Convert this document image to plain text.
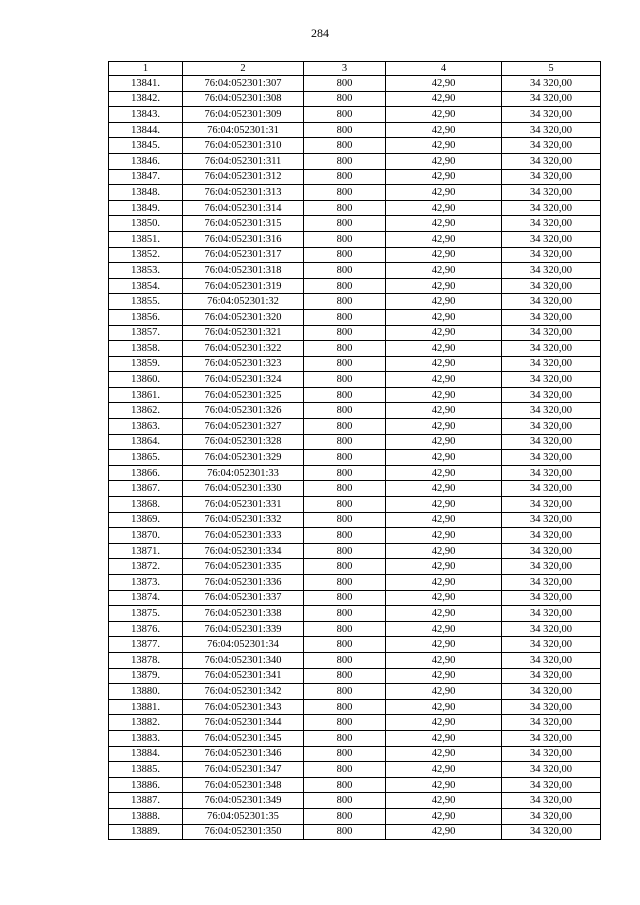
284
1	2	3	4	5
13841.	76:04:052301:307	800	42,90	34 320,00
13842.	76:04:052301:308	800	42,90	34 320,00
13843.	76:04:052301:309	800	42,90	34 320,00
13844.	76:04:052301:31	800	42,90	34 320,00
13845.	76:04:052301:310	800	42,90	34 320,00
13846.	76:04:052301:311	800	42,90	34 320,00
13847.	76:04:052301:312	800	42,90	34 320,00
13848.	76:04:052301:313	800	42,90	34 320,00
13849.	76:04:052301:314	800	42,90	34 320,00
13850.	76:04:052301:315	800	42,90	34 320,00
13851.	76:04:052301:316	800	42,90	34 320,00
13852.	76:04:052301:317	800	42,90	34 320,00
13853.	76:04:052301:318	800	42,90	34 320,00
13854.	76:04:052301:319	800	42,90	34 320,00
13855.	76:04:052301:32	800	42,90	34 320,00
13856.	76:04:052301:320	800	42,90	34 320,00
13857.	76:04:052301:321	800	42,90	34 320,00
13858.	76:04:052301:322	800	42,90	34 320,00
13859.	76:04:052301:323	800	42,90	34 320,00
13860.	76:04:052301:324	800	42,90	34 320,00
13861.	76:04:052301:325	800	42,90	34 320,00
13862.	76:04:052301:326	800	42,90	34 320,00
13863.	76:04:052301:327	800	42,90	34 320,00
13864.	76:04:052301:328	800	42,90	34 320,00
13865.	76:04:052301:329	800	42,90	34 320,00
13866.	76:04:052301:33	800	42,90	34 320,00
13867.	76:04:052301:330	800	42,90	34 320,00
13868.	76:04:052301:331	800	42,90	34 320,00
13869.	76:04:052301:332	800	42,90	34 320,00
13870.	76:04:052301:333	800	42,90	34 320,00
13871.	76:04:052301:334	800	42,90	34 320,00
13872.	76:04:052301:335	800	42,90	34 320,00
13873.	76:04:052301:336	800	42,90	34 320,00
13874.	76:04:052301:337	800	42,90	34 320,00
13875.	76:04:052301:338	800	42,90	34 320,00
13876.	76:04:052301:339	800	42,90	34 320,00
13877.	76:04:052301:34	800	42,90	34 320,00
13878.	76:04:052301:340	800	42,90	34 320,00
13879.	76:04:052301:341	800	42,90	34 320,00
13880.	76:04:052301:342	800	42,90	34 320,00
13881.	76:04:052301:343	800	42,90	34 320,00
13882.	76:04:052301:344	800	42,90	34 320,00
13883.	76:04:052301:345	800	42,90	34 320,00
13884.	76:04:052301:346	800	42,90	34 320,00
13885.	76:04:052301:347	800	42,90	34 320,00
13886.	76:04:052301:348	800	42,90	34 320,00
13887.	76:04:052301:349	800	42,90	34 320,00
13888.	76:04:052301:35	800	42,90	34 320,00
13889.	76:04:052301:350	800	42,90	34 320,00
